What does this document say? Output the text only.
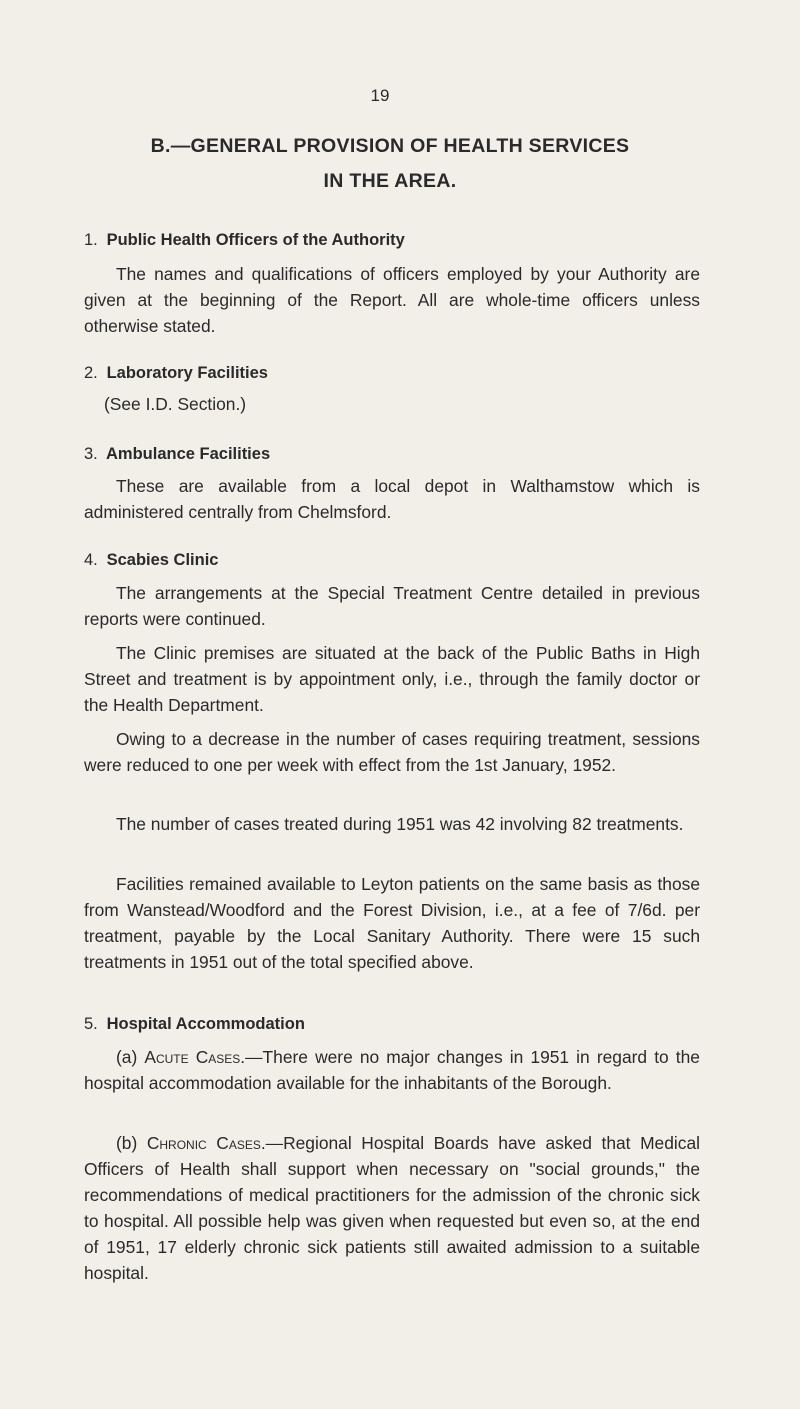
19
B.—GENERAL PROVISION OF HEALTH SERVICES
IN THE AREA.
1. Public Health Officers of the Authority
The names and qualifications of officers employed by your Authority are given at the beginning of the Report. All are whole-time officers unless otherwise stated.
2. Laboratory Facilities
(See I.D. Section.)
3. Ambulance Facilities
These are available from a local depot in Walthamstow which is administered centrally from Chelmsford.
4. Scabies Clinic
The arrangements at the Special Treatment Centre detailed in previous reports were continued.
The Clinic premises are situated at the back of the Public Baths in High Street and treatment is by appointment only, i.e., through the family doctor or the Health Department.
Owing to a decrease in the number of cases requiring treatment, sessions were reduced to one per week with effect from the 1st January, 1952.
The number of cases treated during 1951 was 42 involving 82 treatments.
Facilities remained available to Leyton patients on the same basis as those from Wanstead/Woodford and the Forest Division, i.e., at a fee of 7/6d. per treatment, payable by the Local Sanitary Authority. There were 15 such treatments in 1951 out of the total specified above.
5. Hospital Accommodation
(a) Acute Cases.—There were no major changes in 1951 in regard to the hospital accommodation available for the inhabitants of the Borough.
(b) Chronic Cases.—Regional Hospital Boards have asked that Medical Officers of Health shall support when necessary on "social grounds," the recommendations of medical practitioners for the admission of the chronic sick to hospital. All possible help was given when requested but even so, at the end of 1951, 17 elderly chronic sick patients still awaited admission to a suitable hospital.
